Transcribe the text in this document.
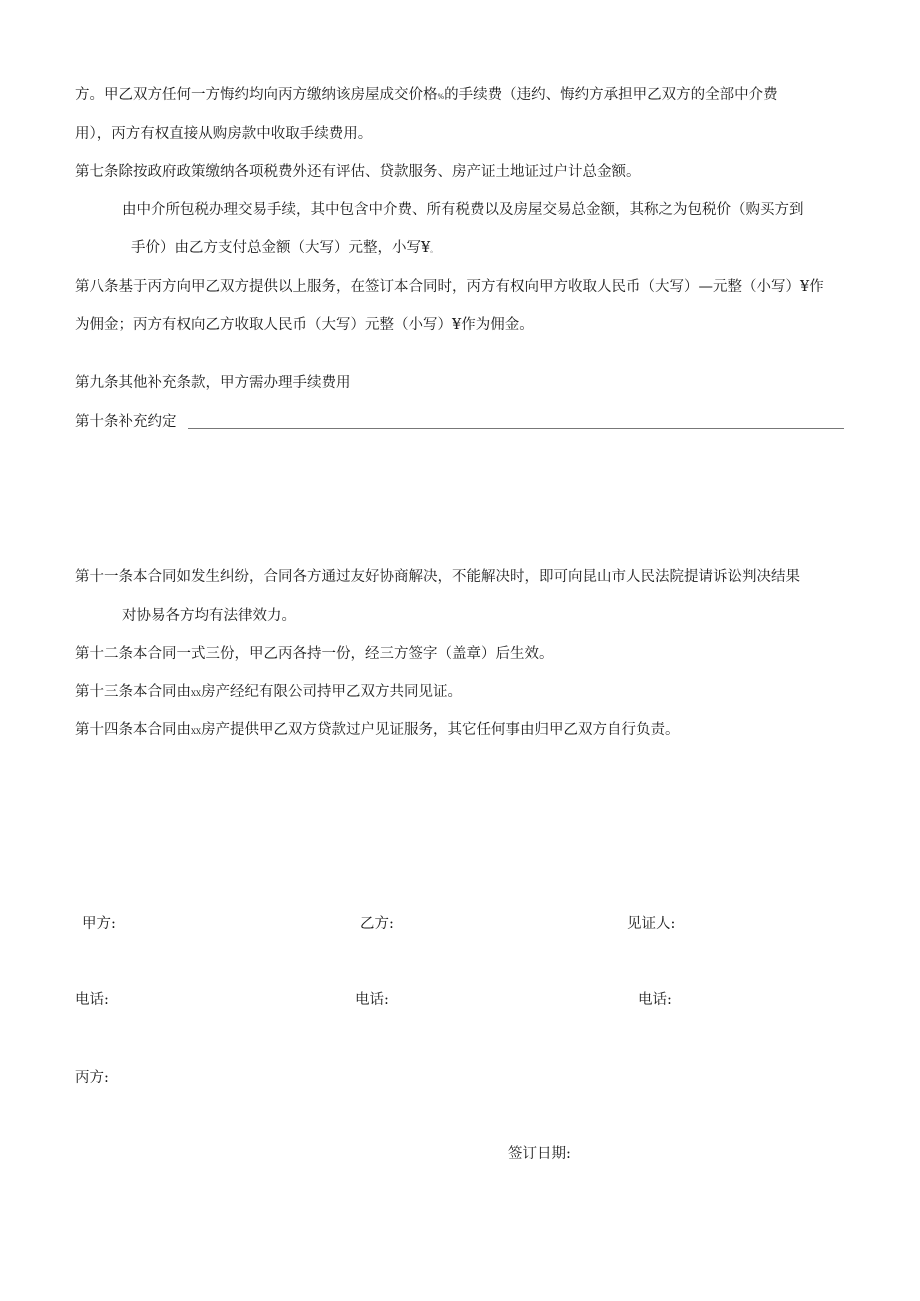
方。甲乙双方任何一方悔约均向丙方缴纳该房屋成交价格%的手续费（违约、悔约方承担甲乙双方的全部中介费
用），丙方有权直接从购房款中收取手续费用。
第七条除按政府政策缴纳各项税费外还有评估、贷款服务、房产证土地证过户计总金额。
由中介所包税办理交易手续，其中包含中介费、所有税费以及房屋交易总金额，其称之为包税价（购买方到
手价）由乙方支付总金额（大写）元整，小写¥。
第八条基于丙方向甲乙双方提供以上服务，在签订本合同时，丙方有权向甲方收取人民币（大写）—元整（小写）¥作
为佣金；丙方有权向乙方收取人民币（大写）元整（小写）¥作为佣金。
第九条其他补充条款，甲方需办理手续费用
第十条补充约定
第十一条本合同如发生纠纷，合同各方通过友好协商解决，不能解决时，即可向昆山市人民法院提请诉讼判决结果
对协易各方均有法律效力。
第十二条本合同一式三份，甲乙丙各持一份，经三方签字（盖章）后生效。
第十三条本合同由XX房产经纪有限公司持甲乙双方共同见证。
第十四条本合同由XX房产提供甲乙双方贷款过户见证服务，其它任何事由归甲乙双方自行负责。
甲方:	乙方:	见证人:
电话:	电话:	电话:
丙方:
签订日期:
